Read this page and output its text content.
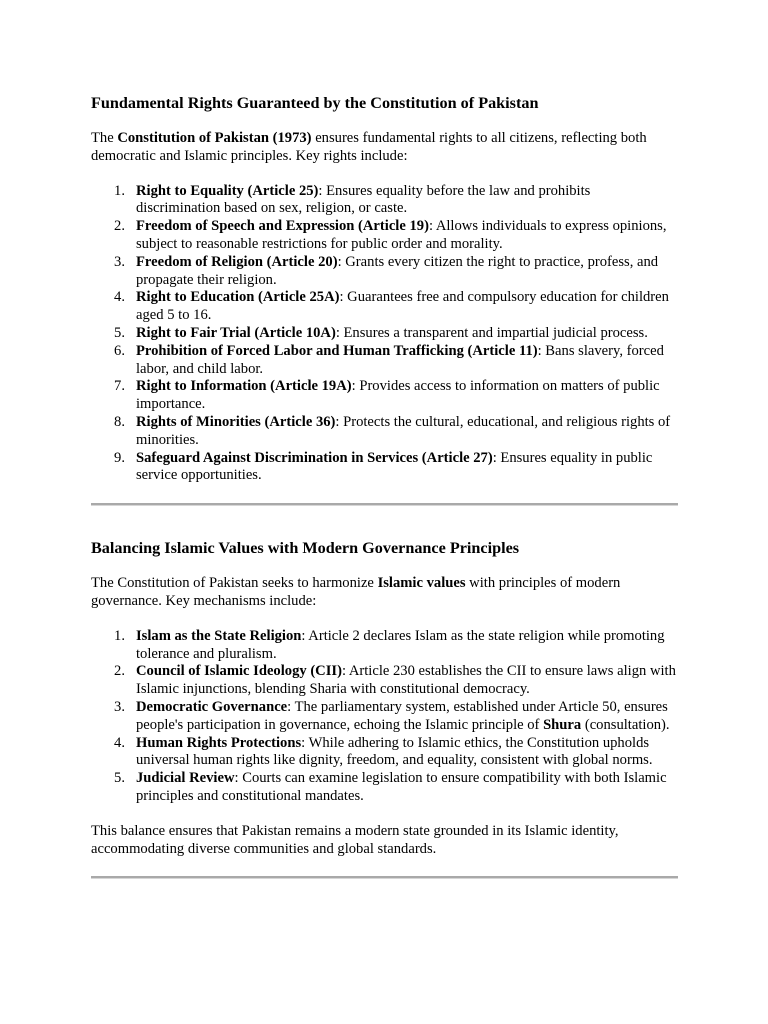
Fundamental Rights Guaranteed by the Constitution of Pakistan

The Constitution of Pakistan (1973) ensures fundamental rights to all citizens, reflecting both democratic and Islamic principles. Key rights include:

1. Right to Equality (Article 25): Ensures equality before the law and prohibits discrimination based on sex, religion, or caste.
2. Freedom of Speech and Expression (Article 19): Allows individuals to express opinions, subject to reasonable restrictions for public order and morality.
3. Freedom of Religion (Article 20): Grants every citizen the right to practice, profess, and propagate their religion.
4. Right to Education (Article 25A): Guarantees free and compulsory education for children aged 5 to 16.
5. Right to Fair Trial (Article 10A): Ensures a transparent and impartial judicial process.
6. Prohibition of Forced Labor and Human Trafficking (Article 11): Bans slavery, forced labor, and child labor.
7. Right to Information (Article 19A): Provides access to information on matters of public importance.
8. Rights of Minorities (Article 36): Protects the cultural, educational, and religious rights of minorities.
9. Safeguard Against Discrimination in Services (Article 27): Ensures equality in public service opportunities.
Balancing Islamic Values with Modern Governance Principles

The Constitution of Pakistan seeks to harmonize Islamic values with principles of modern governance. Key mechanisms include:

1. Islam as the State Religion: Article 2 declares Islam as the state religion while promoting tolerance and pluralism.
2. Council of Islamic Ideology (CII): Article 230 establishes the CII to ensure laws align with Islamic injunctions, blending Sharia with constitutional democracy.
3. Democratic Governance: The parliamentary system, established under Article 50, ensures people's participation in governance, echoing the Islamic principle of Shura (consultation).
4. Human Rights Protections: While adhering to Islamic ethics, the Constitution upholds universal human rights like dignity, freedom, and equality, consistent with global norms.
5. Judicial Review: Courts can examine legislation to ensure compatibility with both Islamic principles and constitutional mandates.

This balance ensures that Pakistan remains a modern state grounded in its Islamic identity, accommodating diverse communities and global standards.
